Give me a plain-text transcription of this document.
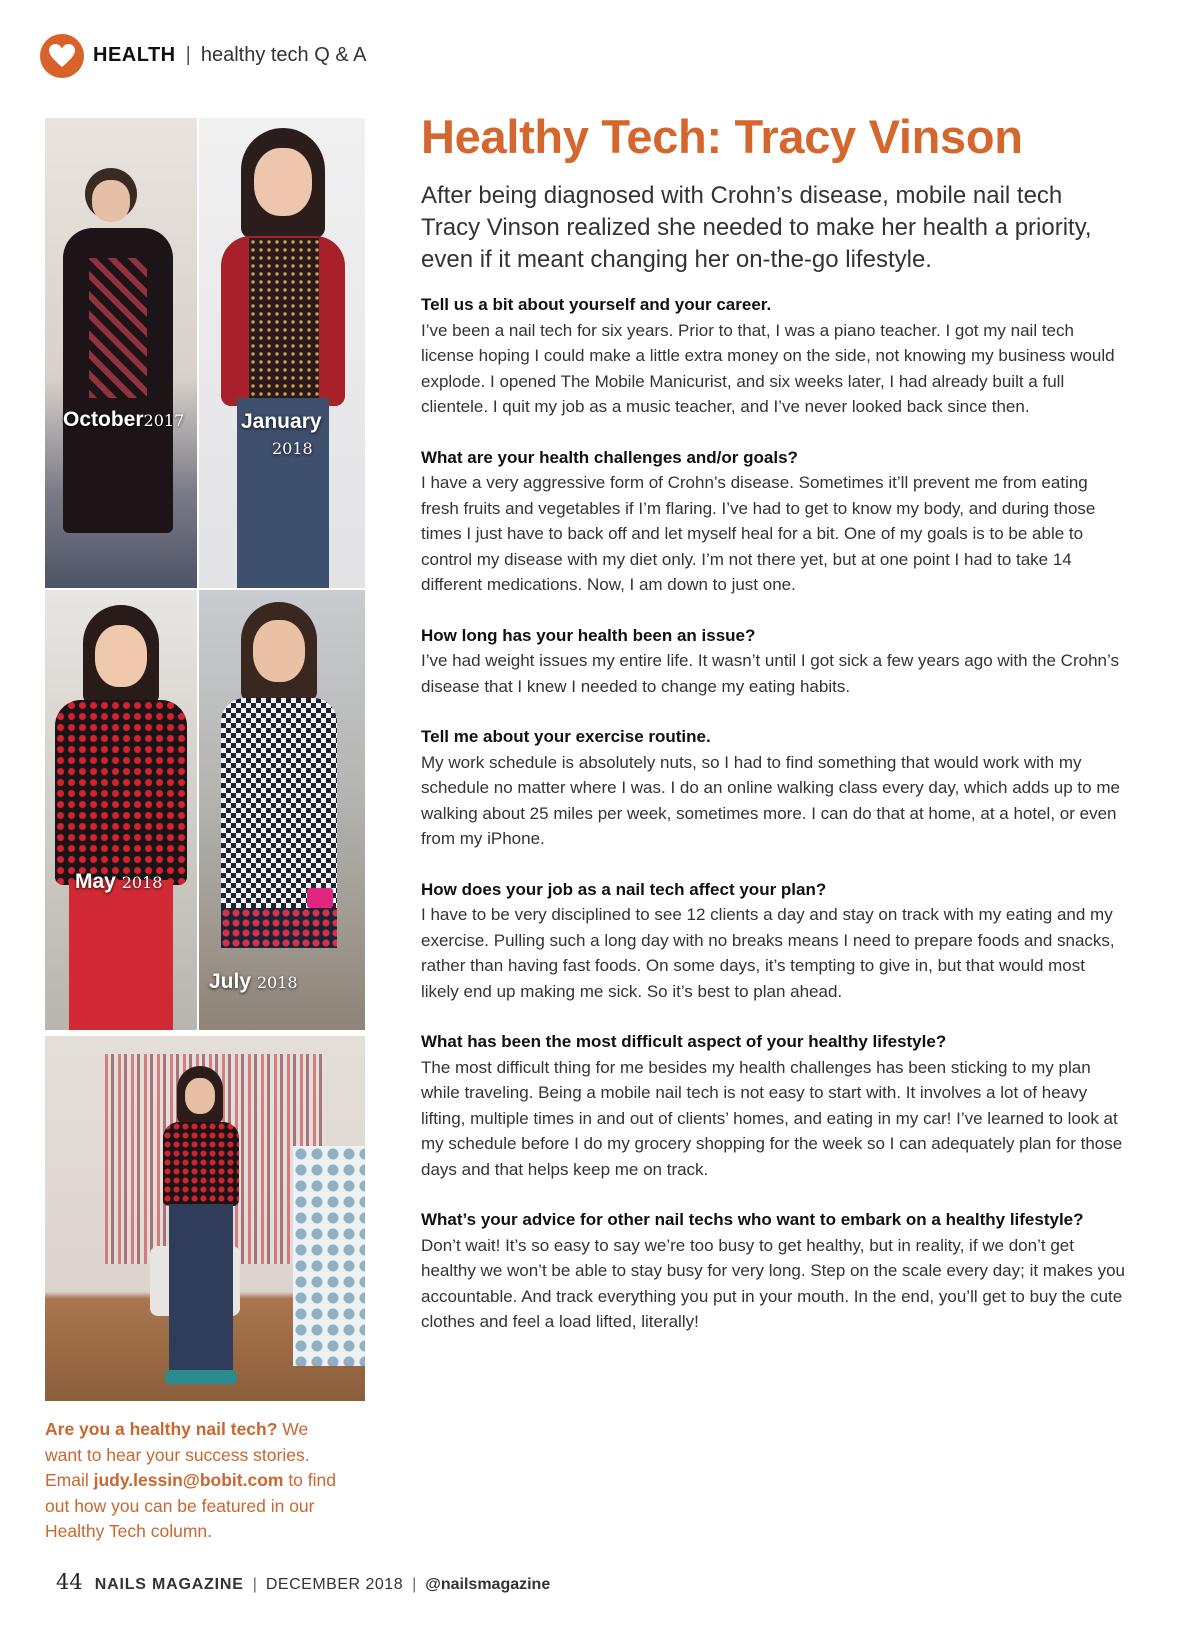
HEALTH | healthy tech Q & A
October2017	January
2018
May 2018
July 2018
Are you a healthy nail tech? We want to hear your success stories. Email judy.lessin@bobit.com to find out how you can be featured in our Healthy Tech column.
Healthy Tech: Tracy Vinson
After being diagnosed with Crohn’s disease, mobile nail tech Tracy Vinson realized she needed to make her health a priority, even if it meant changing her on-the-go lifestyle.
Tell us a bit about yourself and your career.
I’ve been a nail tech for six years. Prior to that, I was a piano teacher. I got my nail tech license hoping I could make a little extra money on the side, not knowing my business would explode. I opened The Mobile Manicurist, and six weeks later, I had already built a full clientele. I quit my job as a music teacher, and I’ve never looked back since then.
What are your health challenges and/or goals?
I have a very aggressive form of Crohn’s disease. Sometimes it’ll prevent me from eating fresh fruits and vegetables if I’m flaring. I’ve had to get to know my body, and during those times I just have to back off and let myself heal for a bit. One of my goals is to be able to control my disease with my diet only. I’m not there yet, but at one point I had to take 14 different medications. Now, I am down to just one.
How long has your health been an issue?
I’ve had weight issues my entire life. It wasn’t until I got sick a few years ago with the Crohn’s disease that I knew I needed to change my eating habits.
Tell me about your exercise routine.
My work schedule is absolutely nuts, so I had to find something that would work with my schedule no matter where I was. I do an online walking class every day, which adds up to me walking about 25 miles per week, sometimes more. I can do that at home, at a hotel, or even from my iPhone.
How does your job as a nail tech affect your plan?
I have to be very disciplined to see 12 clients a day and stay on track with my eating and my exercise. Pulling such a long day with no breaks means I need to prepare foods and snacks, rather than having fast foods. On some days, it’s tempting to give in, but that would most likely end up making me sick. So it’s best to plan ahead.
What has been the most difficult aspect of your healthy lifestyle?
The most difficult thing for me besides my health challenges has been sticking to my plan while traveling. Being a mobile nail tech is not easy to start with. It involves a lot of heavy lifting, multiple times in and out of clients’ homes, and eating in my car! I’ve learned to look at my schedule before I do my grocery shopping for the week so I can adequately plan for those days and that helps keep me on track.
What’s your advice for other nail techs who want to embark on a healthy lifestyle?
Don’t wait! It’s so easy to say we’re too busy to get healthy, but in reality, if we don’t get healthy we won’t be able to stay busy for very long. Step on the scale every day; it makes you accountable. And track everything you put in your mouth. In the end, you’ll get to buy the cute clothes and feel a load lifted, literally!
44 NAILS MAGAZINE | DECEMBER 2018 | @nailsmagazine
